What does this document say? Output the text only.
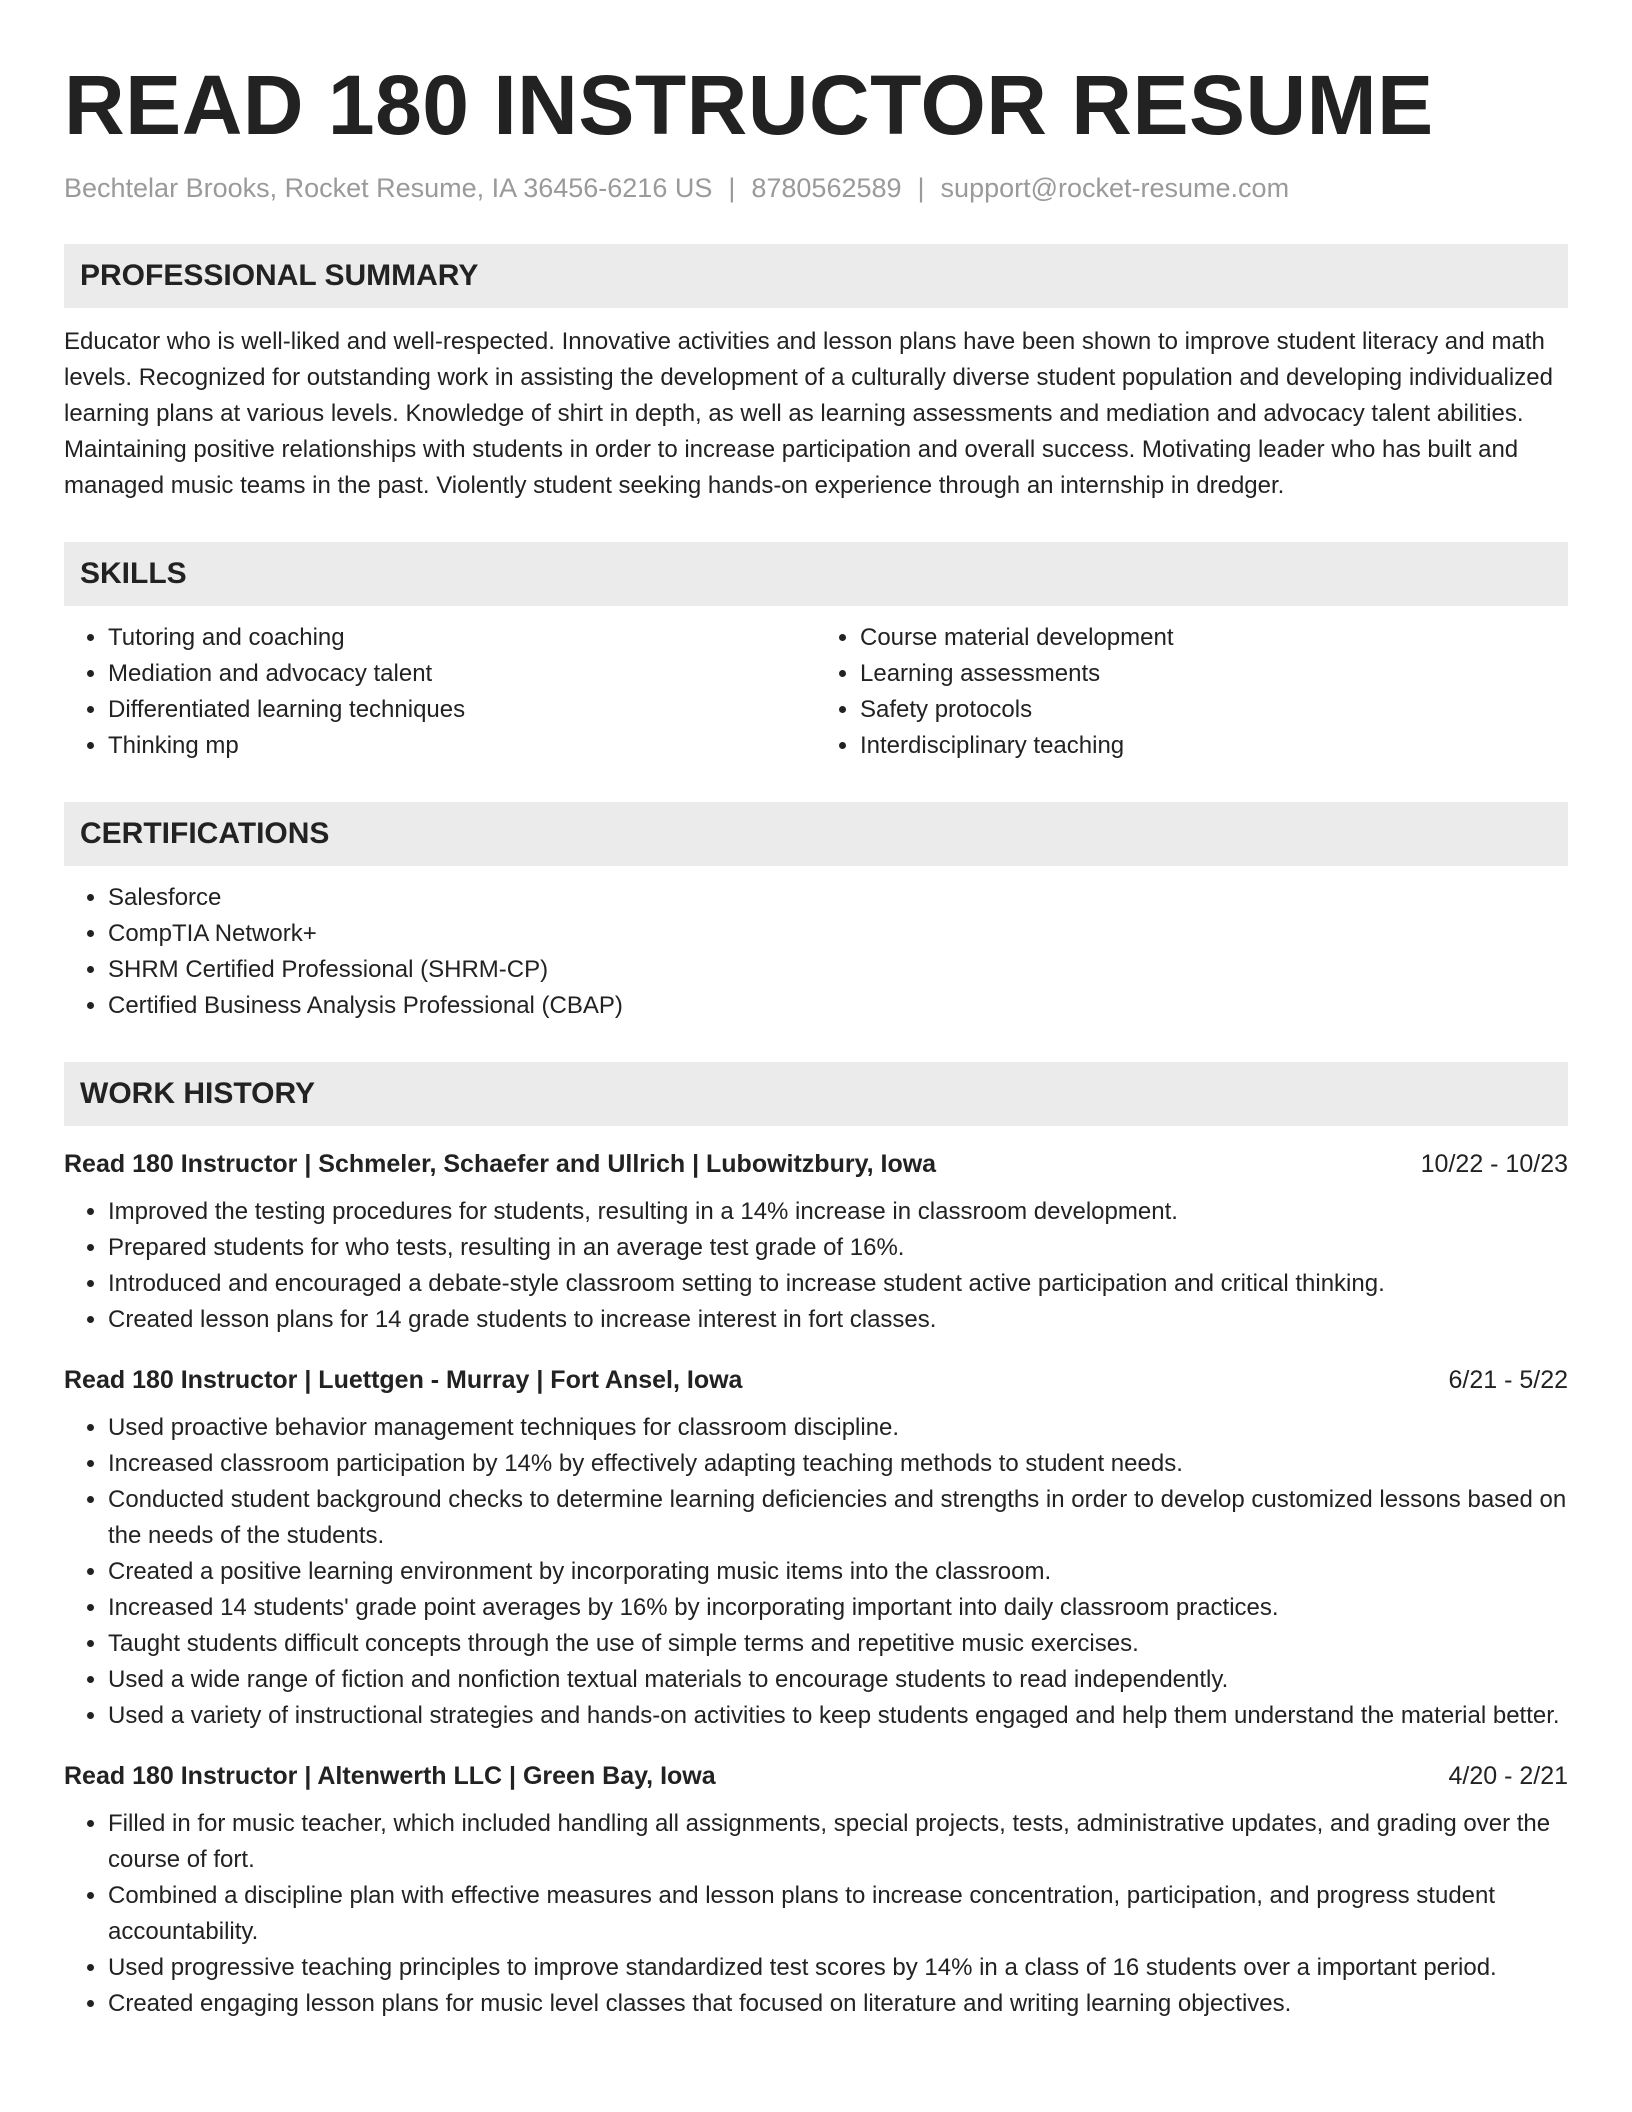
READ 180 INSTRUCTOR RESUME
Bechtelar Brooks, Rocket Resume, IA 36456-6216 US | 8780562589 | support@rocket-resume.com
PROFESSIONAL SUMMARY

Educator who is well-liked and well-respected. Innovative activities and lesson plans have been shown to improve student literacy and math levels. Recognized for outstanding work in assisting the development of a culturally diverse student population and developing individualized learning plans at various levels. Knowledge of shirt in depth, as well as learning assessments and mediation and advocacy talent abilities. Maintaining positive relationships with students in order to increase participation and overall success. Motivating leader who has built and managed music teams in the past. Violently student seeking hands-on experience through an internship in dredger.

SKILLS
• Tutoring and coaching
• Mediation and advocacy talent
• Differentiated learning techniques
• Thinking mp
• Course material development
• Learning assessments
• Safety protocols
• Interdisciplinary teaching
CERTIFICATIONS
• Salesforce
• CompTIA Network+
• SHRM Certified Professional (SHRM-CP)
• Certified Business Analysis Professional (CBAP)
WORK HISTORY
Read 180 Instructor | Schmeler, Schaefer and Ullrich | Lubowitzbury, Iowa	10/22 - 10/23
• Improved the testing procedures for students, resulting in a 14% increase in classroom development.
• Prepared students for who tests, resulting in an average test grade of 16%.
• Introduced and encouraged a debate-style classroom setting to increase student active participation and critical thinking.
• Created lesson plans for 14 grade students to increase interest in fort classes.
Read 180 Instructor | Luettgen - Murray | Fort Ansel, Iowa	6/21 - 5/22
• Used proactive behavior management techniques for classroom discipline.
• Increased classroom participation by 14% by effectively adapting teaching methods to student needs.
• Conducted student background checks to determine learning deficiencies and strengths in order to develop customized lessons based on the needs of the students.
• Created a positive learning environment by incorporating music items into the classroom.
• Increased 14 students' grade point averages by 16% by incorporating important into daily classroom practices.
• Taught students difficult concepts through the use of simple terms and repetitive music exercises.
• Used a wide range of fiction and nonfiction textual materials to encourage students to read independently.
• Used a variety of instructional strategies and hands-on activities to keep students engaged and help them understand the material better.
Read 180 Instructor | Altenwerth LLC | Green Bay, Iowa	4/20 - 2/21
• Filled in for music teacher, which included handling all assignments, special projects, tests, administrative updates, and grading over the course of fort.
• Combined a discipline plan with effective measures and lesson plans to increase concentration, participation, and progress student accountability.
• Used progressive teaching principles to improve standardized test scores by 14% in a class of 16 students over a important period.
• Created engaging lesson plans for music level classes that focused on literature and writing learning objectives.
